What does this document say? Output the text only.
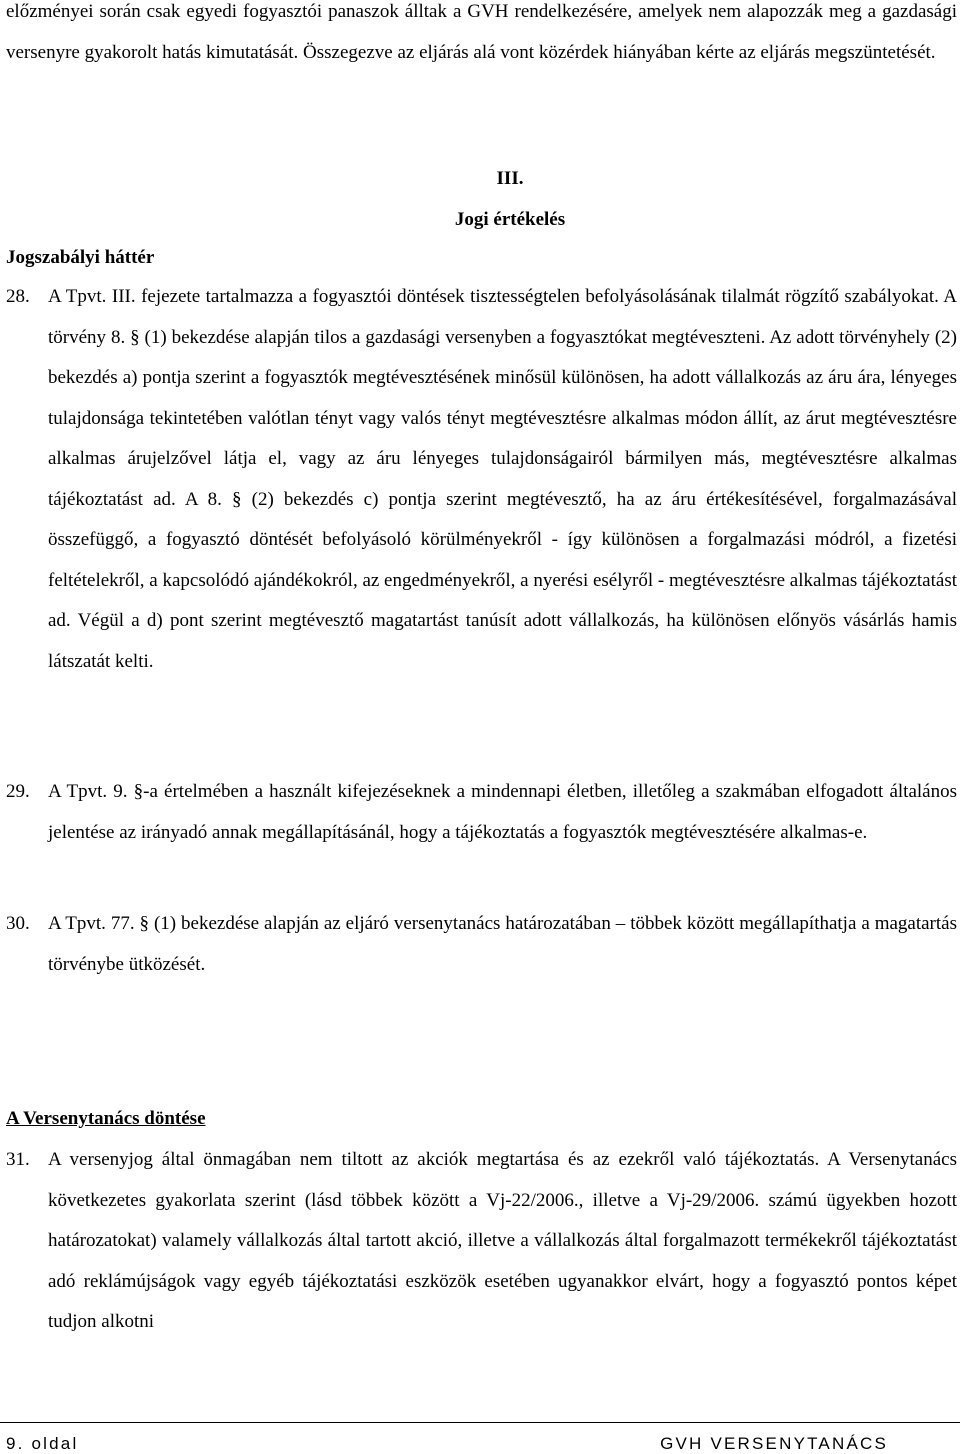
előzményei során csak egyedi fogyasztói panaszok álltak a GVH rendelkezésére, amelyek nem alapozzák meg a gazdasági versenyre gyakorolt hatás kimutatását. Összegezve az eljárás alá vont közérdek hiányában kérte az eljárás megszüntetését.
III.
Jogi értékelés
Jogszabályi háttér
28. A Tpvt. III. fejezete tartalmazza a fogyasztói döntések tisztességtelen befolyásolásának tilalmát rögzítő szabályokat. A törvény 8. § (1) bekezdése alapján tilos a gazdasági versenyben a fogyasztókat megtéveszteni. Az adott törvényhely (2) bekezdés a) pontja szerint a fogyasztók megtévesztésének minősül különösen, ha adott vállalkozás az áru ára, lényeges tulajdonsága tekintetében valótlan tényt vagy valós tényt megtévesztésre alkalmas módon állít, az árut megtévesztésre alkalmas árujelzővel látja el, vagy az áru lényeges tulajdonságairól bármilyen más, megtévesztésre alkalmas tájékoztatást ad. A 8. § (2) bekezdés c) pontja szerint megtévesztő, ha az áru értékesítésével, forgalmazásával összefüggő, a fogyasztó döntését befolyásoló körülményekről - így különösen a forgalmazási módról, a fizetési feltételekről, a kapcsolódó ajándékokról, az engedményekről, a nyerési esélyről - megtévesztésre alkalmas tájékoztatást ad. Végül a d) pont szerint megtévesztő magatartást tanúsít adott vállalkozás, ha különösen előnyös vásárlás hamis látszatát kelti.
29. A Tpvt. 9. §-a értelmében a használt kifejezéseknek a mindennapi életben, illetőleg a szakmában elfogadott általános jelentése az irányadó annak megállapításánál, hogy a tájékoztatás a fogyasztók megtévesztésére alkalmas-e.
30. A Tpvt. 77. § (1) bekezdése alapján az eljáró versenytanács határozatában – többek között megállapíthatja a magatartás törvénybe ütközését.
A Versenytanács döntése
31. A versenyjog által önmagában nem tiltott az akciók megtartása és az ezekről való tájékoztatás. A Versenytanács következetes gyakorlata szerint (lásd többek között a Vj-22/2006., illetve a Vj-29/2006. számú ügyekben hozott határozatokat) valamely vállalkozás által tartott akció, illetve a vállalkozás által forgalmazott termékekről tájékoztatást adó reklámújságok vagy egyéb tájékoztatási eszközök esetében ugyanakkor elvárt, hogy a fogyasztó pontos képet tudjon alkotni
9. oldal	GVH VERSENYTANÁCS
